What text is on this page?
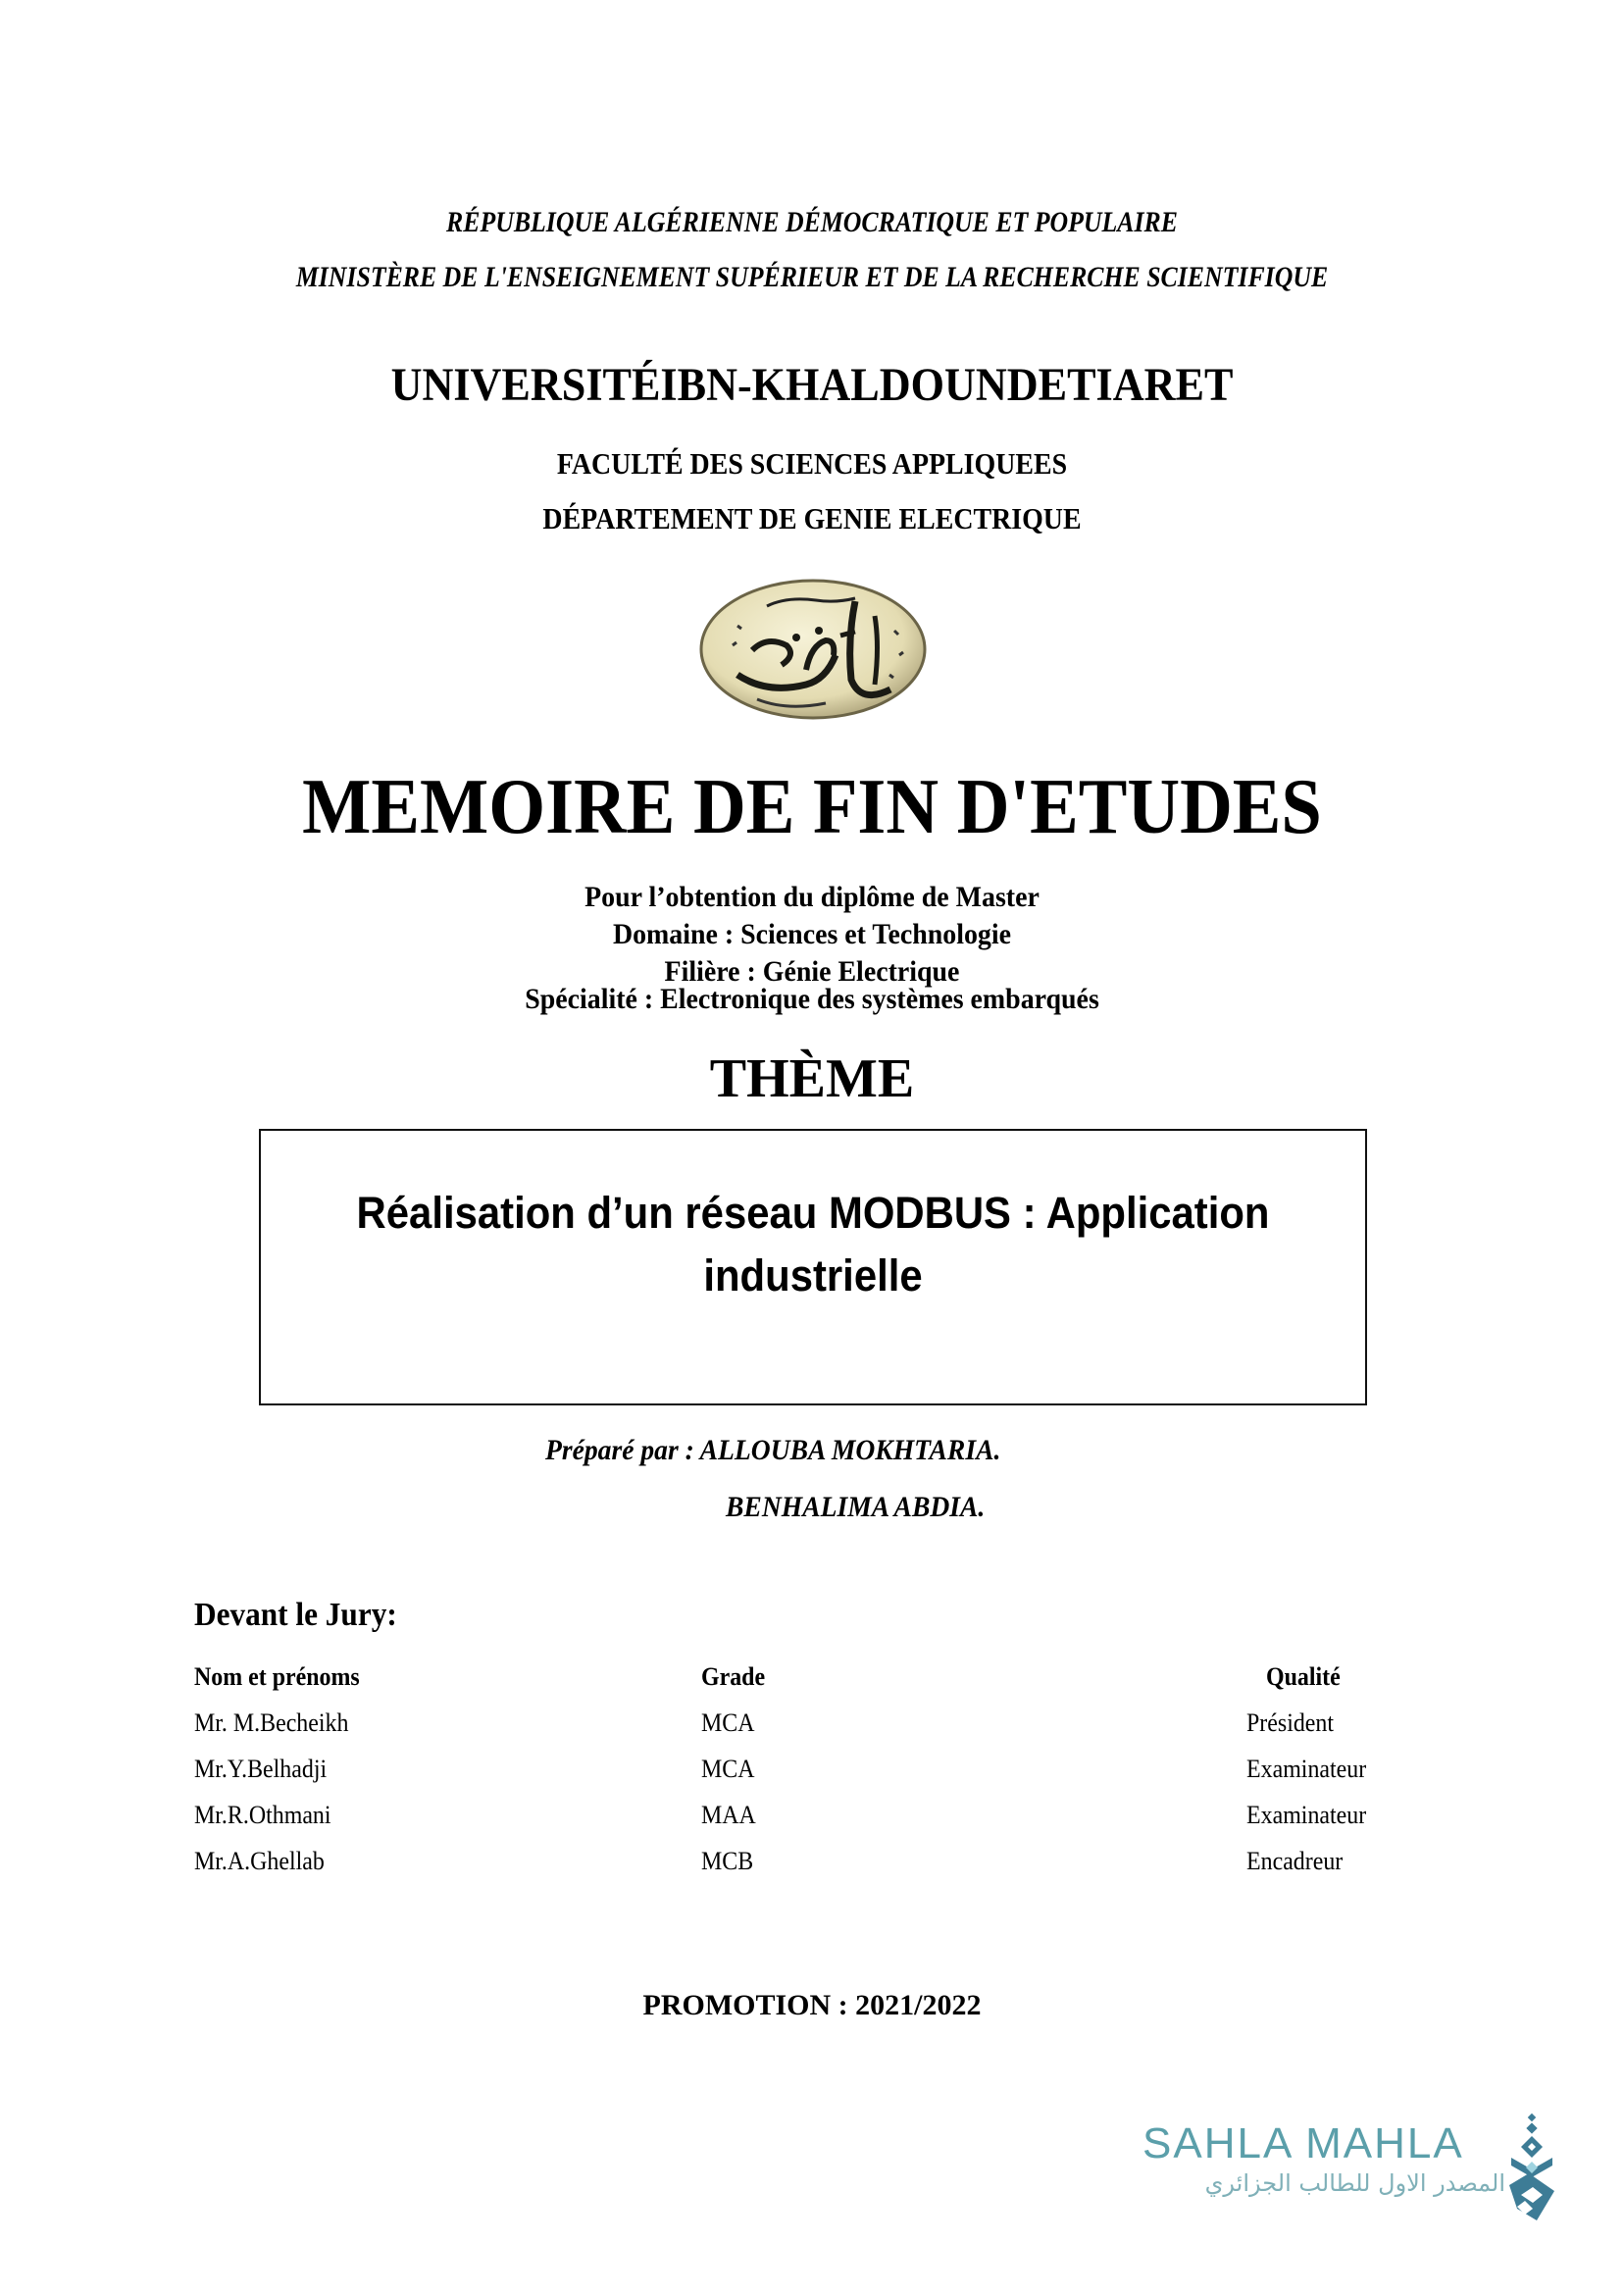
RÉPUBLIQUE ALGÉRIENNE DÉMOCRATIQUE ET POPULAIRE
MINISTÈRE DE L'ENSEIGNEMENT SUPÉRIEUR ET DE LA RECHERCHE SCIENTIFIQUE
UNIVERSITÉIBN-KHALDOUNDETIARET
FACULTÉ DES SCIENCES APPLIQUEES
DÉPARTEMENT DE GENIE ELECTRIQUE
MEMOIRE DE FIN D'ETUDES
Pour l’obtention du diplôme de Master
Domaine : Sciences et Technologie
Filière : Génie Electrique
Spécialité : Electronique des systèmes embarqués
THÈME
Réalisation d’un réseau MODBUS : Application
industrielle
Préparé par : ALLOUBA MOKHTARIA.
BENHALIMA ABDIA.
Devant le Jury:
Nom et prénoms	Grade	Qualité
Mr. M.Becheikh	MCA	Président
Mr.Y.Belhadji	MCA	Examinateur
Mr.R.Othmani	MAA	Examinateur
Mr.A.Ghellab	MCB	Encadreur
PROMOTION : 2021/2022
SAHLA MAHLA
المصدر الاول للطالب الجزائري
